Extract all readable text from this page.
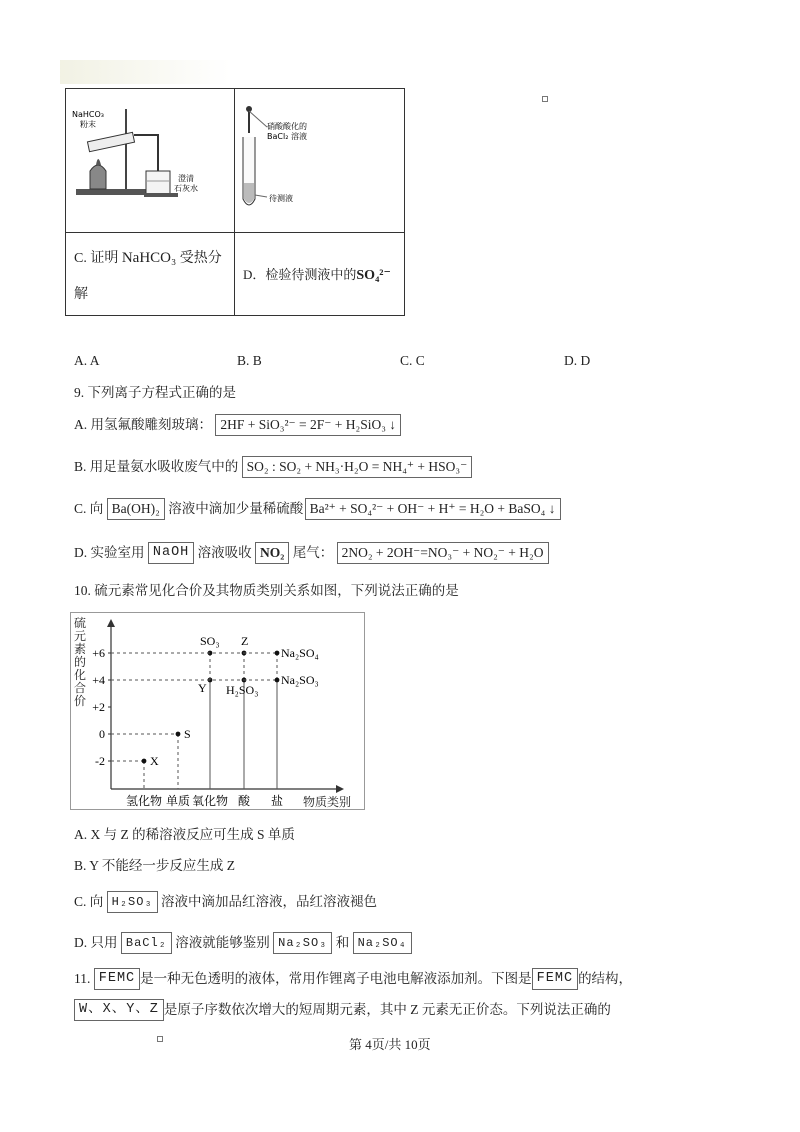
NaHCO₃
粉末
澄清
石灰水	硝酸酸化的
BaCl₂ 溶液
待测液

C. 证明 NaHCO₃ 受热分
解	D．检验待测液中的SO₄²⁻
A. A	B. B	C. C	D. D
9. 下列离子方程式正确的是
A. 用氢氟酸雕刻玻璃： 2HF + SiO₃²⁻ = 2F⁻ + H₂SiO₃ ↓
B. 用足量氨水吸收废气中的 SO₂ : SO₂ + NH₃·H₂O = NH₄⁺ + HSO₃⁻
C. 向 Ba(OH)₂ 溶液中滴加少量稀硫酸 Ba²⁺ + SO₄²⁻ + OH⁻ + H⁺ = H₂O + BaSO₄ ↓
D. 实验室用 NaOH 溶液吸收 NO₂ 尾气： 2NO₂ + 2OH⁻=NO₃⁻ + NO₂⁻ + H₂O
10. 硫元素常见化合价及其物质类别关系如图，下列说法正确的是
+6
+4
+2
0
-2
氢化物 单质 氧化物 酸 盐
X
S
Y
SO₃ Z
H₂SO₃
Na₂SO₄
Na₂SO₃
硫元素的化合价
物质类别
A. X 与 Z 的稀溶液反应可生成 S 单质
B. Y 不能经一步反应生成 Z
C. 向 H₂SO₃ 溶液中滴加品红溶液，品红溶液褪色
D. 只用 BaCl₂ 溶液就能够鉴别 Na₂SO₃ 和 Na₂SO₄
11. FEMC 是一种无色透明的液体，常用作锂离子电池电解液添加剂。下图是 FEMC 的结构，
W、X、Y、Z 是原子序数依次增大的短周期元素，其中 Z 元素无正价态。下列说法正确的
第 4页/共 10页
